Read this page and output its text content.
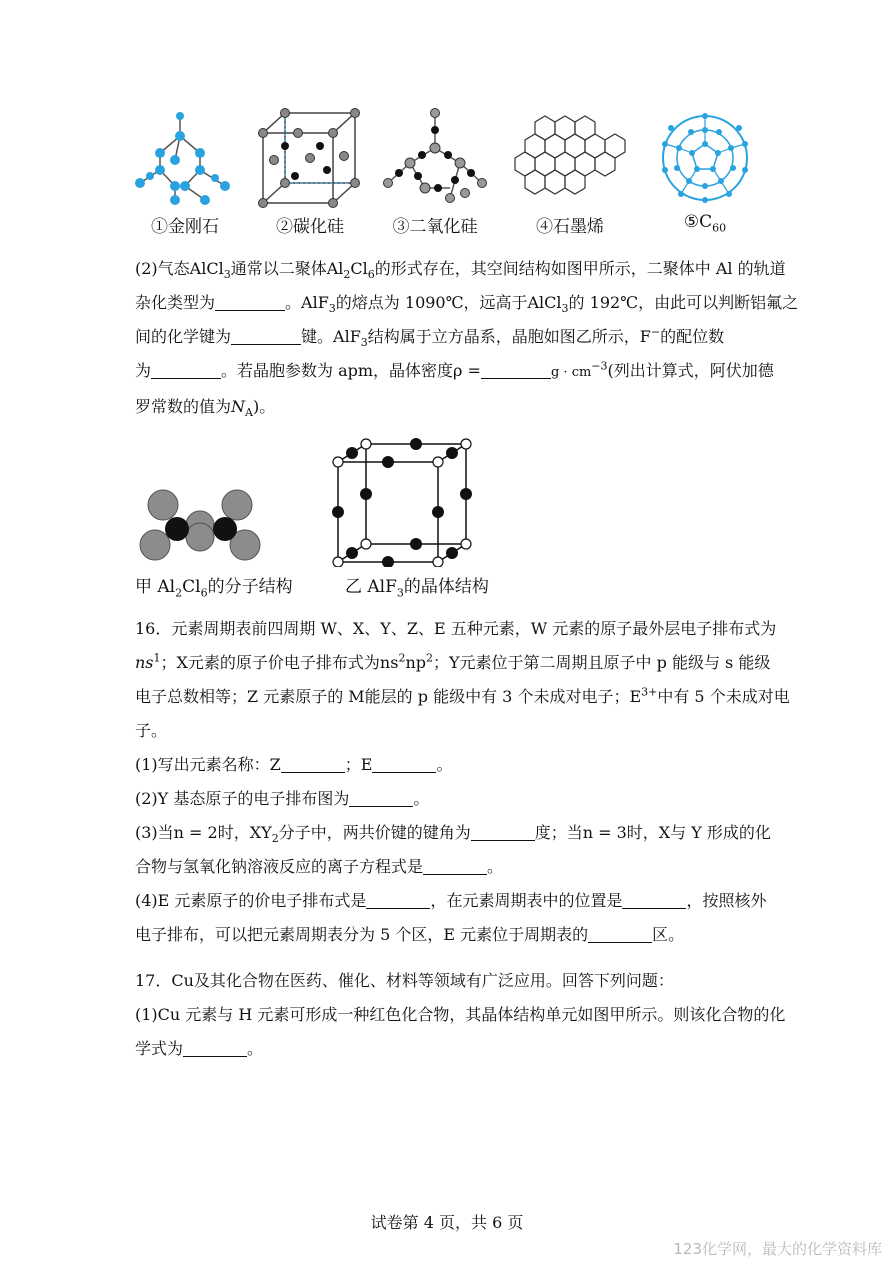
①金刚石	②碳化硅	③二氧化硅	④石墨烯	$⑤C_{60}$
(2)气态AlCl$_3$通常以二聚体$Al_2Cl_6$的形式存在，其空间结构如图甲所示，二聚体中 Al 的轨道
杂化类型为	。AlF$_3$的熔点为 1090℃，远高于AlCl$_3$的 192℃，由此可以判断铝氟之
间的化学键为	键。AlF$_3$结构属于立方晶系，晶胞如图乙所示，F−的配位数
为	。若晶胞参数为 apm，晶体密度ρ =	$g \cdot cm^{-3}$(列出计算式，阿伏加德
罗常数的值为$N_A$)。
甲 $Al_2Cl_6$的分子结构	乙 AlF$_3$的晶体结构
16．元素周期表前四周期 W、X、Y、Z、E 五种元素，W 元素的原子最外层电子排布式为
$ns^1$；X元素的原子价电子排布式为$ns^2np^2$；Y元素位于第二周期且原子中 p 能级与 s 能级
电子总数相等；Z 元素原子的 M能层的 p 能级中有 3 个未成对电子；$E^{3+}$中有 5 个未成对电
子。
(1)写出元素名称：Z	；E	。
(2)Y 基态原子的电子排布图为	。
(3)当n = 2时，$XY_2$分子中，两共价键的键角为	度；当n = 3时，X与 Y 形成的化
合物与氢氧化钠溶液反应的离子方程式是	。
(4)E 元素原子的价电子排布式是	，在元素周期表中的位置是	，按照核外
电子排布，可以把元素周期表分为 5 个区，E 元素位于周期表的	区。
17．Cu及其化合物在医药、催化、材料等领域有广泛应用。回答下列问题：
(1)Cu 元素与 H 元素可形成一种红色化合物，其晶体结构单元如图甲所示。则该化合物的化
学式为	。
试卷第 4 页，共 6 页
123化学网，最大的化学资料库
